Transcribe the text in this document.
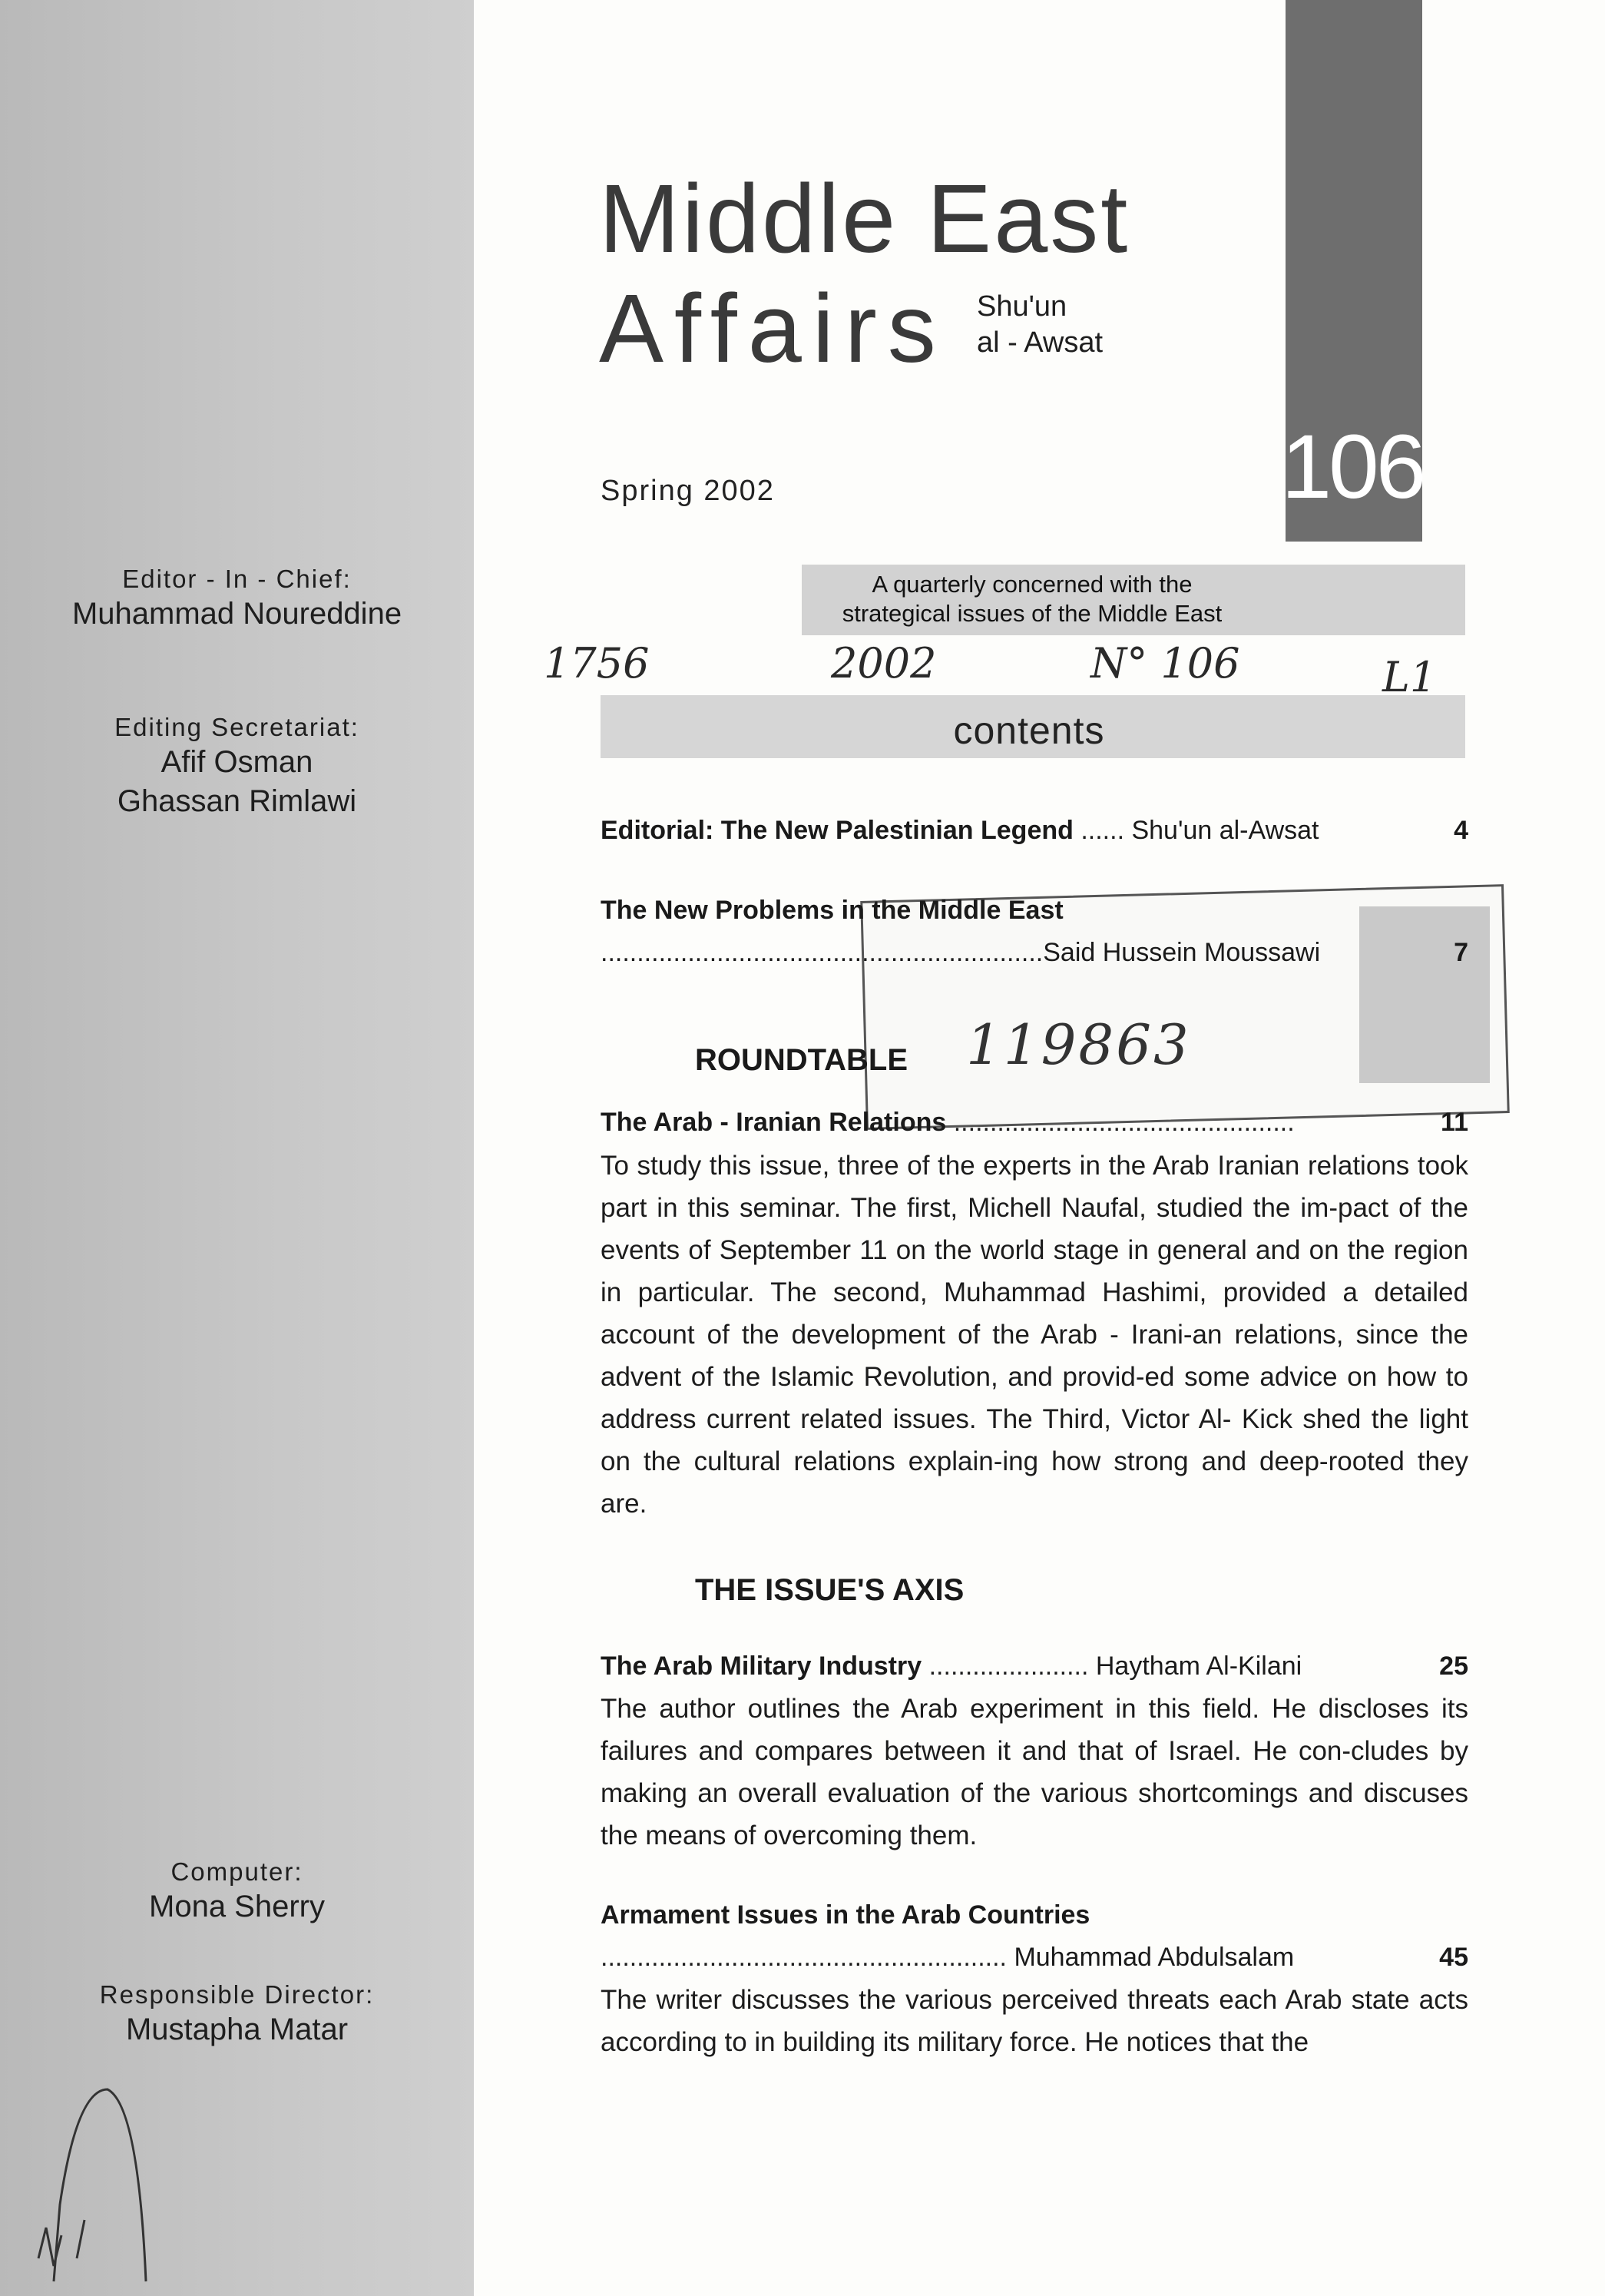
106
Middle East
Affairs Shu'un
al - Awsat
Spring 2002
A quarterly concerned with the
strategical issues of the Middle East
contents
1756	2002	N° 106	L1
Editor - In - Chief:
Muhammad Noureddine
Editing Secretariat:
Afif Osman
Ghassan Rimlawi
Computer:
Mona Sherry
Responsible Director:
Mustapha Matar
119863
Editorial: The New Palestinian Legend ...... Shu'un al-Awsat	4
The New Problems in the Middle East
.............................................................Said Hussein Moussawi	7
ROUNDTABLE
The Arab - Iranian Relations ...............................................	11
To study this issue, three of the experts in the Arab Iranian relations took part in this seminar. The first, Michell Naufal, studied the im-pact of the events of September 11 on the world stage in general and on the region in particular. The second, Muhammad Hashimi, provided a detailed account of the development of the Arab - Irani-an relations, since the advent of the Islamic Revolution, and provid-ed some advice on how to address current related issues. The Third, Victor Al- Kick shed the light on the cultural relations explain-ing how strong and deep-rooted they are.
THE ISSUE'S AXIS
The Arab Military Industry ...................... Haytham Al-Kilani	25
The author outlines the Arab experiment in this field. He discloses its failures and compares between it and that of Israel. He con-cludes by making an overall evaluation of the various shortcomings and discuses the means of overcoming them.
Armament Issues in the Arab Countries
........................................................ Muhammad Abdulsalam	45
The writer discusses the various perceived threats each Arab state acts according to in building its military force. He notices that the
